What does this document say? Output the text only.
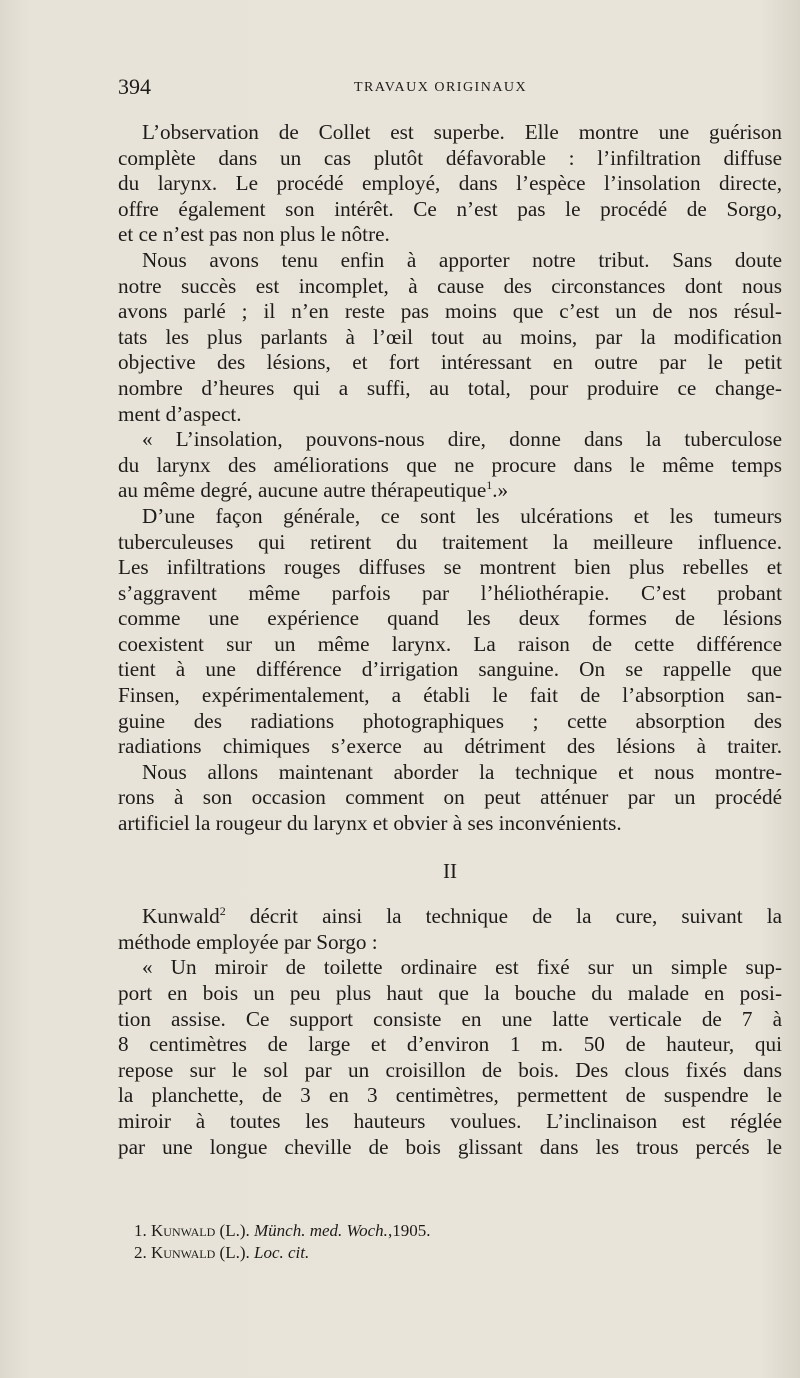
394	TRAVAUX ORIGINAUX

L’observation de Collet est superbe. Elle montre une guérison

complète dans un cas plutôt défavorable : l’infiltration diffuse

du larynx. Le procédé employé, dans l’espèce l’insolation directe,

offre également son intérêt. Ce n’est pas le procédé de Sorgo,

et ce n’est pas non plus le nôtre.

Nous avons tenu enfin à apporter notre tribut. Sans doute

notre succès est incomplet, à cause des circonstances dont nous

avons parlé ; il n’en reste pas moins que c’est un de nos résul-

tats les plus parlants à l’œil tout au moins, par la modification

objective des lésions, et fort intéressant en outre par le petit

nombre d’heures qui a suffi, au total, pour produire ce change-

ment d’aspect.

« L’insolation, pouvons-nous dire, donne dans la tuberculose

du larynx des améliorations que ne procure dans le même temps

au même degré, aucune autre thérapeutique$^1$.»

D’une façon générale, ce sont les ulcérations et les tumeurs

tuberculeuses qui retirent du traitement la meilleure influence.

Les infiltrations rouges diffuses se montrent bien plus rebelles et

s’aggravent même parfois par l’héliothérapie. C’est probant

comme une expérience quand les deux formes de lésions

coexistent sur un même larynx. La raison de cette différence

tient à une différence d’irrigation sanguine. On se rappelle que

Finsen, expérimentalement, a établi le fait de l’absorption san-

guine des radiations photographiques ; cette absorption des

radiations chimiques s’exerce au détriment des lésions à traiter.

Nous allons maintenant aborder la technique et nous montre-

rons à son occasion comment on peut atténuer par un procédé

artificiel la rougeur du larynx et obvier à ses inconvénients.

II

Kunwald$^2$ décrit ainsi la technique de la cure, suivant la

méthode employée par Sorgo :

« Un miroir de toilette ordinaire est fixé sur un simple sup-

port en bois un peu plus haut que la bouche du malade en posi-

tion assise. Ce support consiste en une latte verticale de 7 à

8 centimètres de large et d’environ 1 m. 50 de hauteur, qui

repose sur le sol par un croisillon de bois. Des clous fixés dans

la planchette, de 3 en 3 centimètres, permettent de suspendre le

miroir à toutes les hauteurs voulues. L’inclinaison est réglée

par une longue cheville de bois glissant dans les trous percés le

1. Kunwald (L.). Münch. med. Woch.,1905.
2. Kunwald (L.). Loc. cit.
